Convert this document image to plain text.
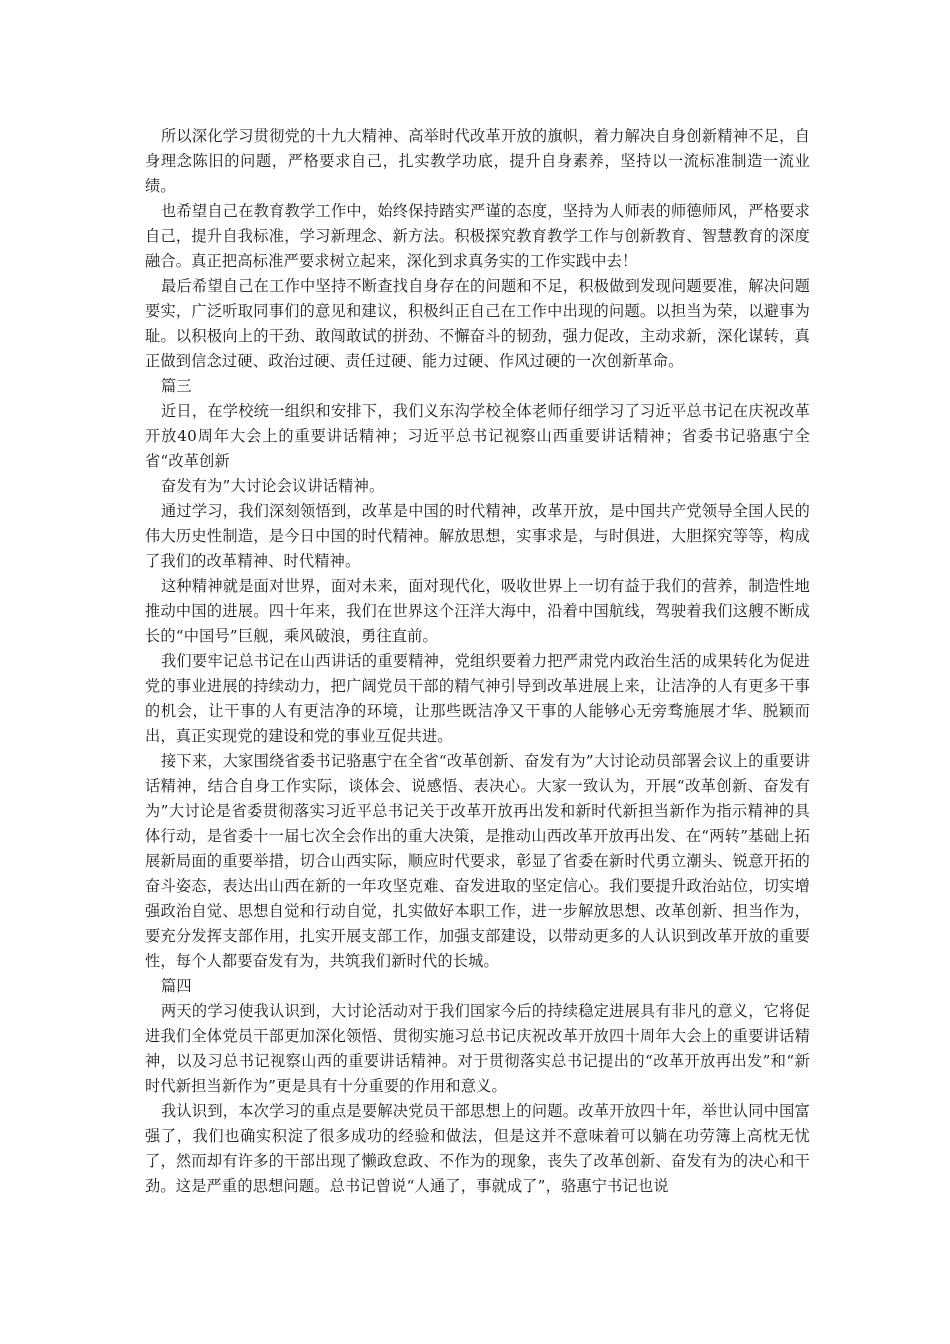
所以深化学习贯彻党的十九大精神、高举时代改革开放的旗帜，着力解决自身创新精神不足，自身理念陈旧的问题，严格要求自己，扎实教学功底，提升自身素养，坚持以一流标准制造一流业绩。

也希望自己在教育教学工作中，始终保持踏实严谨的态度，坚持为人师表的师德师风，严格要求自己，提升自我标准，学习新理念、新方法。积极探究教育教学工作与创新教育、智慧教育的深度融合。真正把高标准严要求树立起来，深化到求真务实的工作实践中去！

最后希望自己在工作中坚持不断查找自身存在的问题和不足，积极做到发现问题要准，解决问题要实，广泛听取同事们的意见和建议，积极纠正自己在工作中出现的问题。以担当为荣，以避事为耻。以积极向上的干劲、敢闯敢试的拼劲、不懈奋斗的韧劲，强力促改，主动求新，深化谋转，真正做到信念过硬、政治过硬、责任过硬、能力过硬、作风过硬的一次创新革命。

篇三

近日，在学校统一组织和安排下，我们义东沟学校全体老师仔细学习了习近平总书记在庆祝改革开放40周年大会上的重要讲话精神；习近平总书记视察山西重要讲话精神；省委书记骆惠宁全省“改革创新

奋发有为”大讨论会议讲话精神。

通过学习，我们深刻领悟到，改革是中国的时代精神，改革开放，是中国共产党领导全国人民的伟大历史性制造，是今日中国的时代精神。解放思想，实事求是，与时俱进，大胆探究等等，构成了我们的改革精神、时代精神。

这种精神就是面对世界，面对未来，面对现代化，吸收世界上一切有益于我们的营养，制造性地推动中国的进展。四十年来，我们在世界这个汪洋大海中，沿着中国航线，驾驶着我们这艘不断成长的“中国号”巨舰，乘风破浪，勇往直前。

我们要牢记总书记在山西讲话的重要精神，党组织要着力把严肃党内政治生活的成果转化为促进党的事业进展的持续动力，把广阔党员干部的精气神引导到改革进展上来，让洁净的人有更多干事的机会，让干事的人有更洁净的环境，让那些既洁净又干事的人能够心无旁骛施展才华、脱颖而出，真正实现党的建设和党的事业互促共进。

接下来，大家围绕省委书记骆惠宁在全省“改革创新、奋发有为”大讨论动员部署会议上的重要讲话精神，结合自身工作实际，谈体会、说感悟、表决心。大家一致认为，开展“改革创新、奋发有为”大讨论是省委贯彻落实习近平总书记关于改革开放再出发和新时代新担当新作为指示精神的具体行动，是省委十一届七次全会作出的重大决策，是推动山西改革开放再出发、在“两转”基础上拓展新局面的重要举措，切合山西实际，顺应时代要求，彰显了省委在新时代勇立潮头、锐意开拓的奋斗姿态，表达出山西在新的一年攻坚克难、奋发进取的坚定信心。我们要提升政治站位，切实增强政治自觉、思想自觉和行动自觉，扎实做好本职工作，进一步解放思想、改革创新、担当作为，要充分发挥支部作用，扎实开展支部工作，加强支部建设，以带动更多的人认识到改革开放的重要性，每个人都要奋发有为，共筑我们新时代的长城。

篇四

两天的学习使我认识到，大讨论活动对于我们国家今后的持续稳定进展具有非凡的意义，它将促进我们全体党员干部更加深化领悟、贯彻实施习总书记庆祝改革开放四十周年大会上的重要讲话精神，以及习总书记视察山西的重要讲话精神。对于贯彻落实总书记提出的“改革开放再出发”和“新时代新担当新作为”更是具有十分重要的作用和意义。

我认识到，本次学习的重点是要解决党员干部思想上的问题。改革开放四十年，举世认同中国富强了，我们也确实积淀了很多成功的经验和做法，但是这并不意味着可以躺在功劳簿上高枕无忧了，然而却有许多的干部出现了懒政怠政、不作为的现象，丧失了改革创新、奋发有为的决心和干劲。这是严重的思想问题。总书记曾说“人通了，事就成了”，骆惠宁书记也说
